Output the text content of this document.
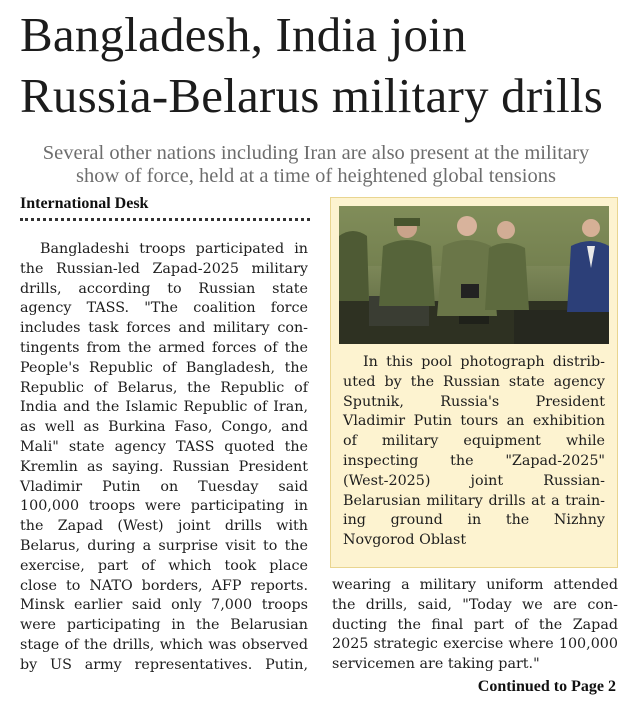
Bangladesh, India join
Russia-Belarus military drills

Several other nations including Iran are also present at the military
show of force, held at a time of heightened global tensions

International Desk

Bangladeshi troops participated in
the Russian-led Zapad-2025 military
drills, according to Russian state
agency TASS. "The coalition force
includes task forces and military con-
tingents from the armed forces of the
People's Republic of Bangladesh, the
Republic of Belarus, the Republic of
India and the Islamic Republic of Iran,
as well as Burkina Faso, Congo, and
Mali" state agency TASS quoted the
Kremlin as saying. Russian President
Vladimir Putin on Tuesday said
100,000 troops were participating in
the Zapad (West) joint drills with
Belarus, during a surprise visit to the
exercise, part of which took place
close to NATO borders, AFP reports.
Minsk earlier said only 7,000 troops
were participating in the Belarusian
stage of the drills, which was observed
by US army representatives. Putin,
In this pool photograph distrib-
uted by the Russian state agency
Sputnik, Russia's President
Vladimir Putin tours an exhibition
of military equipment while
inspecting the "Zapad-2025"
(West-2025) joint Russian-
Belarusian military drills at a train-
ing ground in the Nizhny
Novgorod Oblast
wearing a military uniform attended
the drills, said, "Today we are con-
ducting the final part of the Zapad
2025 strategic exercise where 100,000
servicemen are taking part."

Continued to Page 2
